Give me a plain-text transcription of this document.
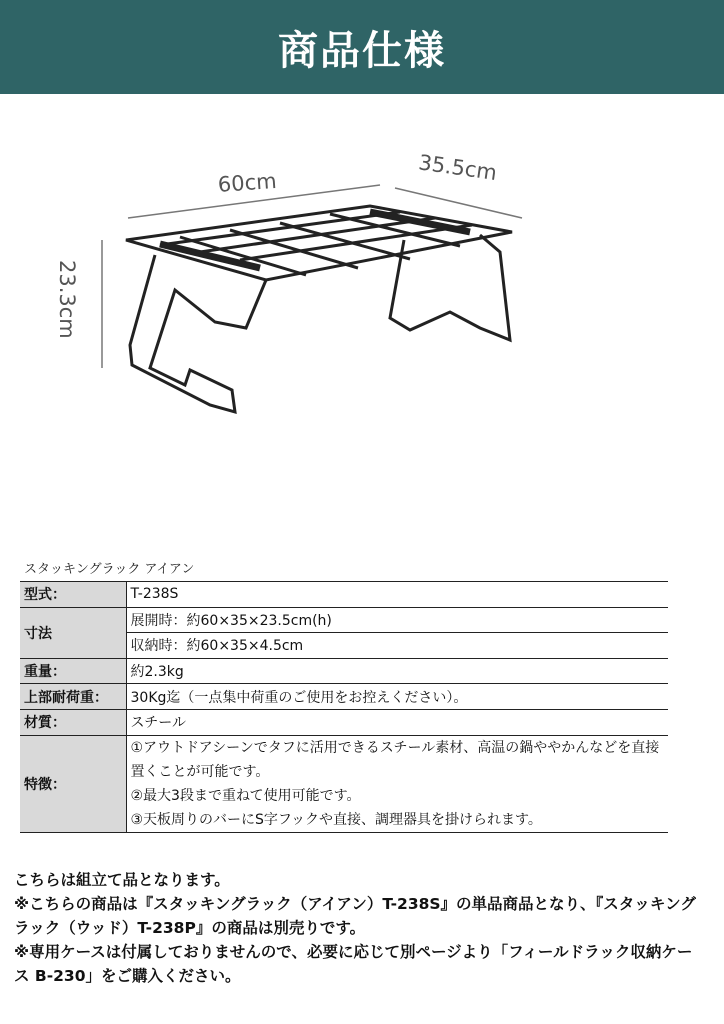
商品仕様
60cm	35.5cm
23.3cm
スタッキングラック アイアン
型式：	T-238S
寸法	展開時：約60×35×23.5cm(h)
	収納時：約60×35×4.5cm
重量：	約2.3kg
上部耐荷重：	30Kg迄（一点集中荷重のご使用をお控えください）。
材質：	スチール
特徴：	①アウトドアシーンでタフに活用できるスチール素材、高温の鍋ややかんなどを直接置くことが可能です。

②最大3段まで重ねて使用可能です。

③天板周りのバーにS字フックや直接、調理器具を掛けられます。

こちらは組立て品となります。

※こちらの商品は『スタッキングラック（アイアン）T-238S』の単品商品となり、『スタッキングラック（ウッド）T-238P』の商品は別売りです。

※専用ケースは付属しておりませんので、必要に応じて別ページより「フィールドラック収納ケース B-230」をご購入ください。
